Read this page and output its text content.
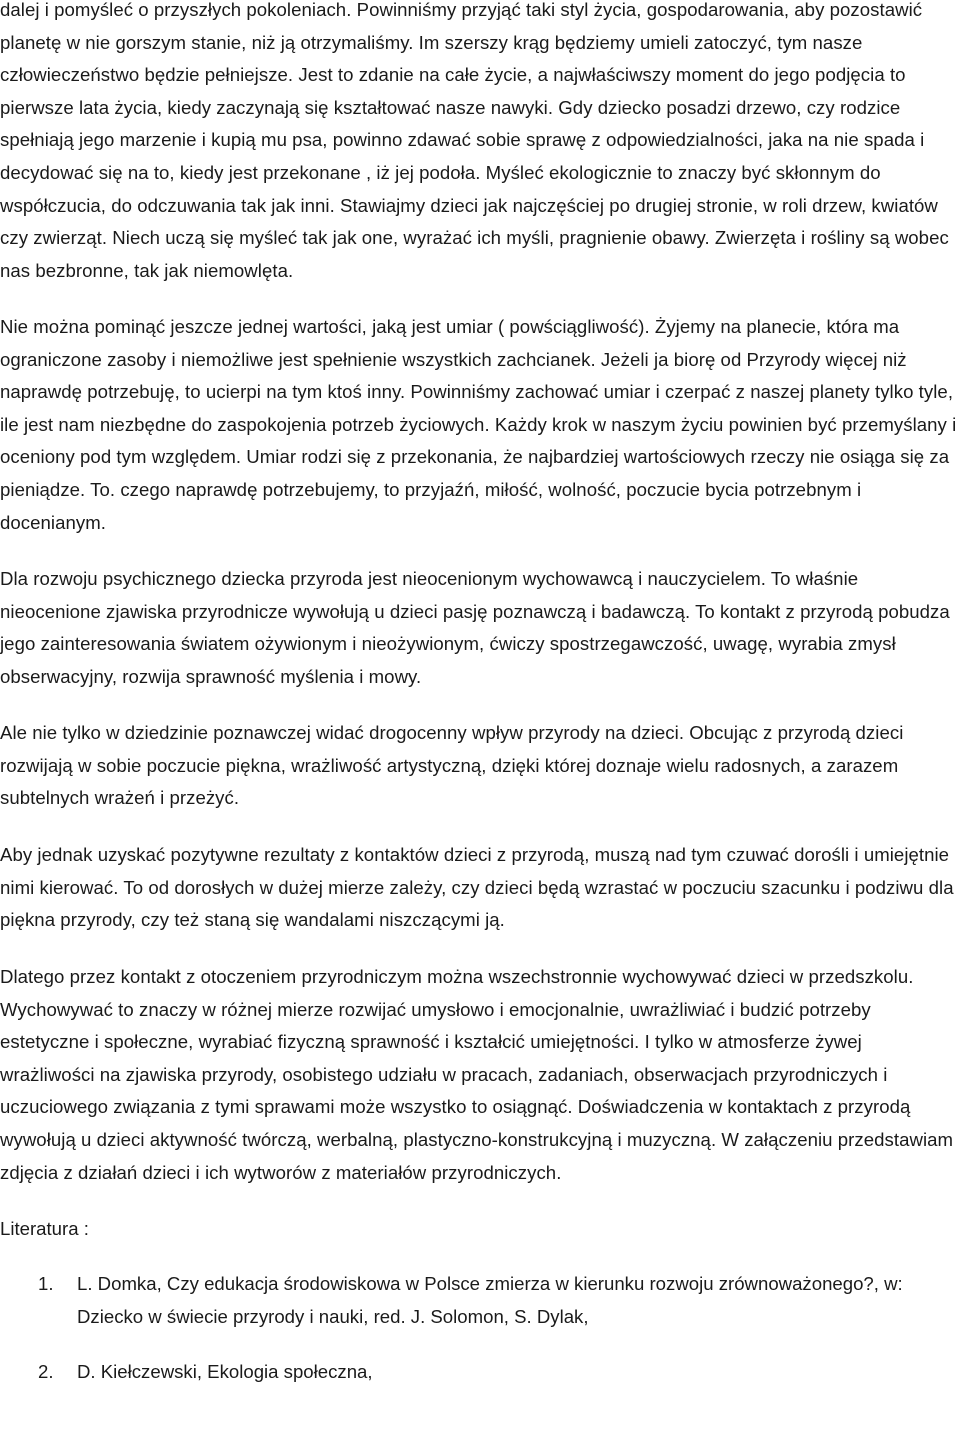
dalej i pomyśleć o przyszłych pokoleniach. Powinniśmy przyjąć taki styl życia, gospodarowania, aby pozostawić planetę w nie gorszym stanie, niż ją otrzymaliśmy. Im szerszy krąg będziemy umieli zatoczyć, tym nasze człowieczeństwo będzie pełniejsze. Jest to zdanie na całe życie, a najwłaściwszy moment do jego podjęcia to pierwsze lata życia, kiedy zaczynają się kształtować nasze nawyki. Gdy dziecko posadzi drzewo, czy rodzice spełniają jego marzenie i kupią mu psa, powinno zdawać sobie sprawę z odpowiedzialności, jaka na nie spada i decydować się na to, kiedy jest przekonane , iż jej podoła. Myśleć ekologicznie to znaczy być skłonnym do współczucia, do odczuwania tak jak inni. Stawiajmy dzieci jak najczęściej po drugiej stronie, w roli drzew, kwiatów czy zwierząt. Niech uczą się myśleć tak jak one, wyrażać ich myśli, pragnienie obawy. Zwierzęta i rośliny są wobec nas bezbronne, tak jak niemowlęta.

Nie można pominąć jeszcze jednej wartości, jaką jest umiar ( powściągliwość). Żyjemy na planecie, która ma ograniczone zasoby i niemożliwe jest spełnienie wszystkich zachcianek. Jeżeli ja biorę od Przyrody więcej niż naprawdę potrzebuję, to ucierpi na tym ktoś inny. Powinniśmy zachować umiar i czerpać z naszej planety tylko tyle, ile jest nam niezbędne do zaspokojenia potrzeb życiowych. Każdy krok w naszym życiu powinien być przemyślany i oceniony pod tym względem. Umiar rodzi się z przekonania, że najbardziej wartościowych rzeczy nie osiąga się za pieniądze. To. czego naprawdę potrzebujemy, to przyjaźń, miłość, wolność, poczucie bycia potrzebnym i docenianym.

Dla rozwoju psychicznego dziecka przyroda jest nieocenionym wychowawcą i nauczycielem. To właśnie nieocenione zjawiska przyrodnicze wywołują u dzieci pasję poznawczą i badawczą. To kontakt z przyrodą pobudza jego zainteresowania światem ożywionym i nieożywionym, ćwiczy spostrzegawczość, uwagę, wyrabia zmysł obserwacyjny, rozwija sprawność myślenia i mowy.

Ale nie tylko w dziedzinie poznawczej widać drogocenny wpływ przyrody na dzieci. Obcując z przyrodą dzieci rozwijają w sobie poczucie piękna, wrażliwość artystyczną, dzięki której doznaje wielu radosnych, a zarazem subtelnych wrażeń i przeżyć.

Aby jednak uzyskać pozytywne rezultaty z kontaktów dzieci z przyrodą, muszą nad tym czuwać dorośli i umiejętnie nimi kierować. To od dorosłych w dużej mierze zależy, czy dzieci będą wzrastać w poczuciu szacunku i podziwu dla piękna przyrody, czy też staną się wandalami niszczącymi ją.

Dlatego przez kontakt z otoczeniem przyrodniczym można wszechstronnie wychowywać dzieci w przedszkolu. Wychowywać to znaczy w różnej mierze rozwijać umysłowo i emocjonalnie, uwrażliwiać i budzić potrzeby estetyczne i społeczne, wyrabiać fizyczną sprawność i kształcić umiejętności. I tylko w atmosferze żywej wrażliwości na zjawiska przyrody, osobistego udziału w pracach, zadaniach, obserwacjach przyrodniczych i uczuciowego związania z tymi sprawami może wszystko to osiągnąć. Doświadczenia w kontaktach z przyrodą wywołują u dzieci aktywność twórczą, werbalną, plastyczno-konstrukcyjną i muzyczną. W załączeniu przedstawiam zdjęcia z działań dzieci i ich wytworów z materiałów przyrodniczych.

Literatura :

1. L. Domka, Czy edukacja środowiskowa w Polsce zmierza w kierunku rozwoju zrównoważonego?, w: Dziecko w świecie przyrody i nauki, red. J. Solomon, S. Dylak,
2. D. Kiełczewski, Ekologia społeczna,
